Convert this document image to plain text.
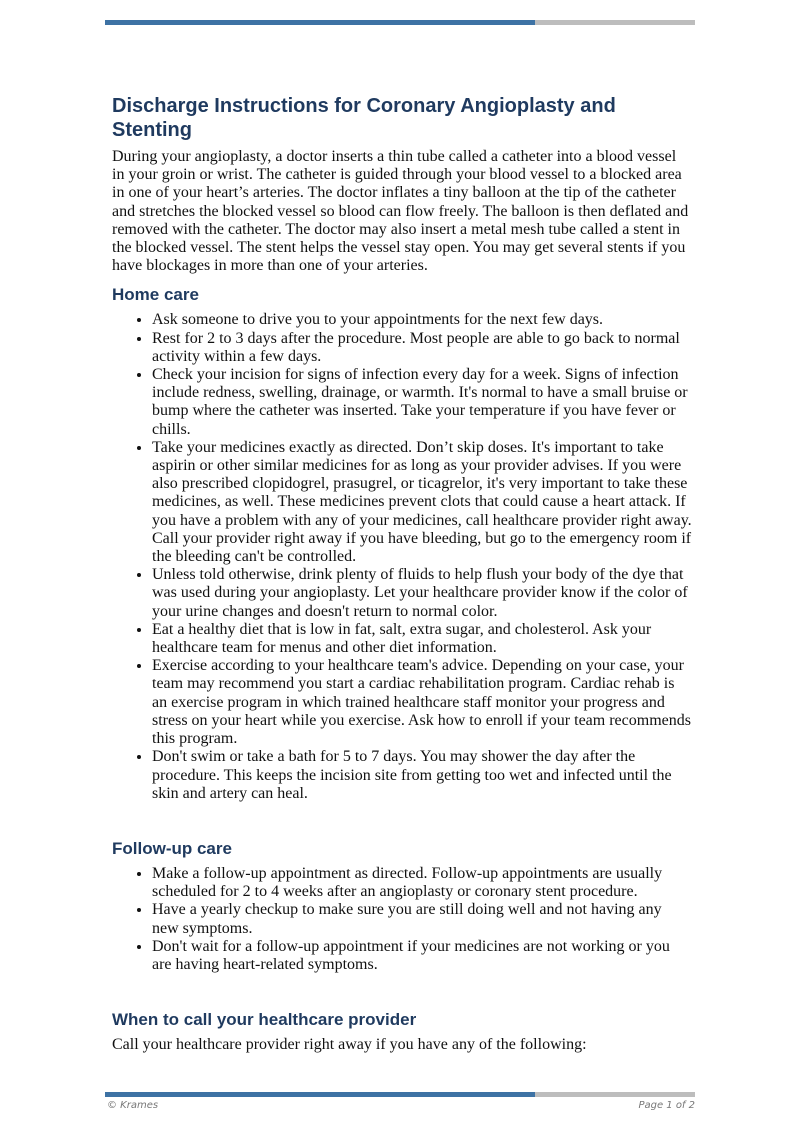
Discharge Instructions for Coronary Angioplasty and Stenting

During your angioplasty, a doctor inserts a thin tube called a catheter into a blood vessel in your groin or wrist. The catheter is guided through your blood vessel to a blocked area in one of your heart’s arteries. The doctor inflates a tiny balloon at the tip of the catheter and stretches the blocked vessel so blood can flow freely. The balloon is then deflated and removed with the catheter. The doctor may also insert a metal mesh tube called a stent in the blocked vessel. The stent helps the vessel stay open. You may get several stents if you have blockages in more than one of your arteries.

Home care
• Ask someone to drive you to your appointments for the next few days.
• Rest for 2 to 3 days after the procedure. Most people are able to go back to normal activity within a few days.
• Check your incision for signs of infection every day for a week. Signs of infection include redness, swelling, drainage, or warmth. It's normal to have a small bruise or bump where the catheter was inserted. Take your temperature if you have fever or chills.
• Take your medicines exactly as directed. Don’t skip doses. It's important to take aspirin or other similar medicines for as long as your provider advises. If you were also prescribed clopidogrel, prasugrel, or ticagrelor, it's very important to take these medicines, as well. These medicines prevent clots that could cause a heart attack. If you have a problem with any of your medicines, call healthcare provider right away. Call your provider right away if you have bleeding, but go to the emergency room if the bleeding can't be controlled.
• Unless told otherwise, drink plenty of fluids to help flush your body of the dye that was used during your angioplasty. Let your healthcare provider know if the color of your urine changes and doesn't return to normal color.
• Eat a healthy diet that is low in fat, salt, extra sugar, and cholesterol. Ask your healthcare team for menus and other diet information.
• Exercise according to your healthcare team's advice. Depending on your case, your team may recommend you start a cardiac rehabilitation program. Cardiac rehab is an exercise program in which trained healthcare staff monitor your progress and stress on your heart while you exercise. Ask how to enroll if your team recommends this program.
• Don't swim or take a bath for 5 to 7 days. You may shower the day after the procedure. This keeps the incision site from getting too wet and infected until the skin and artery can heal.
Follow-up care
• Make a follow-up appointment as directed. Follow-up appointments are usually scheduled for 2 to 4 weeks after an angioplasty or coronary stent procedure.
• Have a yearly checkup to make sure you are still doing well and not having any new symptoms.
• Don't wait for a follow-up appointment if your medicines are not working or you are having heart-related symptoms.
When to call your healthcare provider

Call your healthcare provider right away if you have any of the following:

© Krames	Page 1 of 2
